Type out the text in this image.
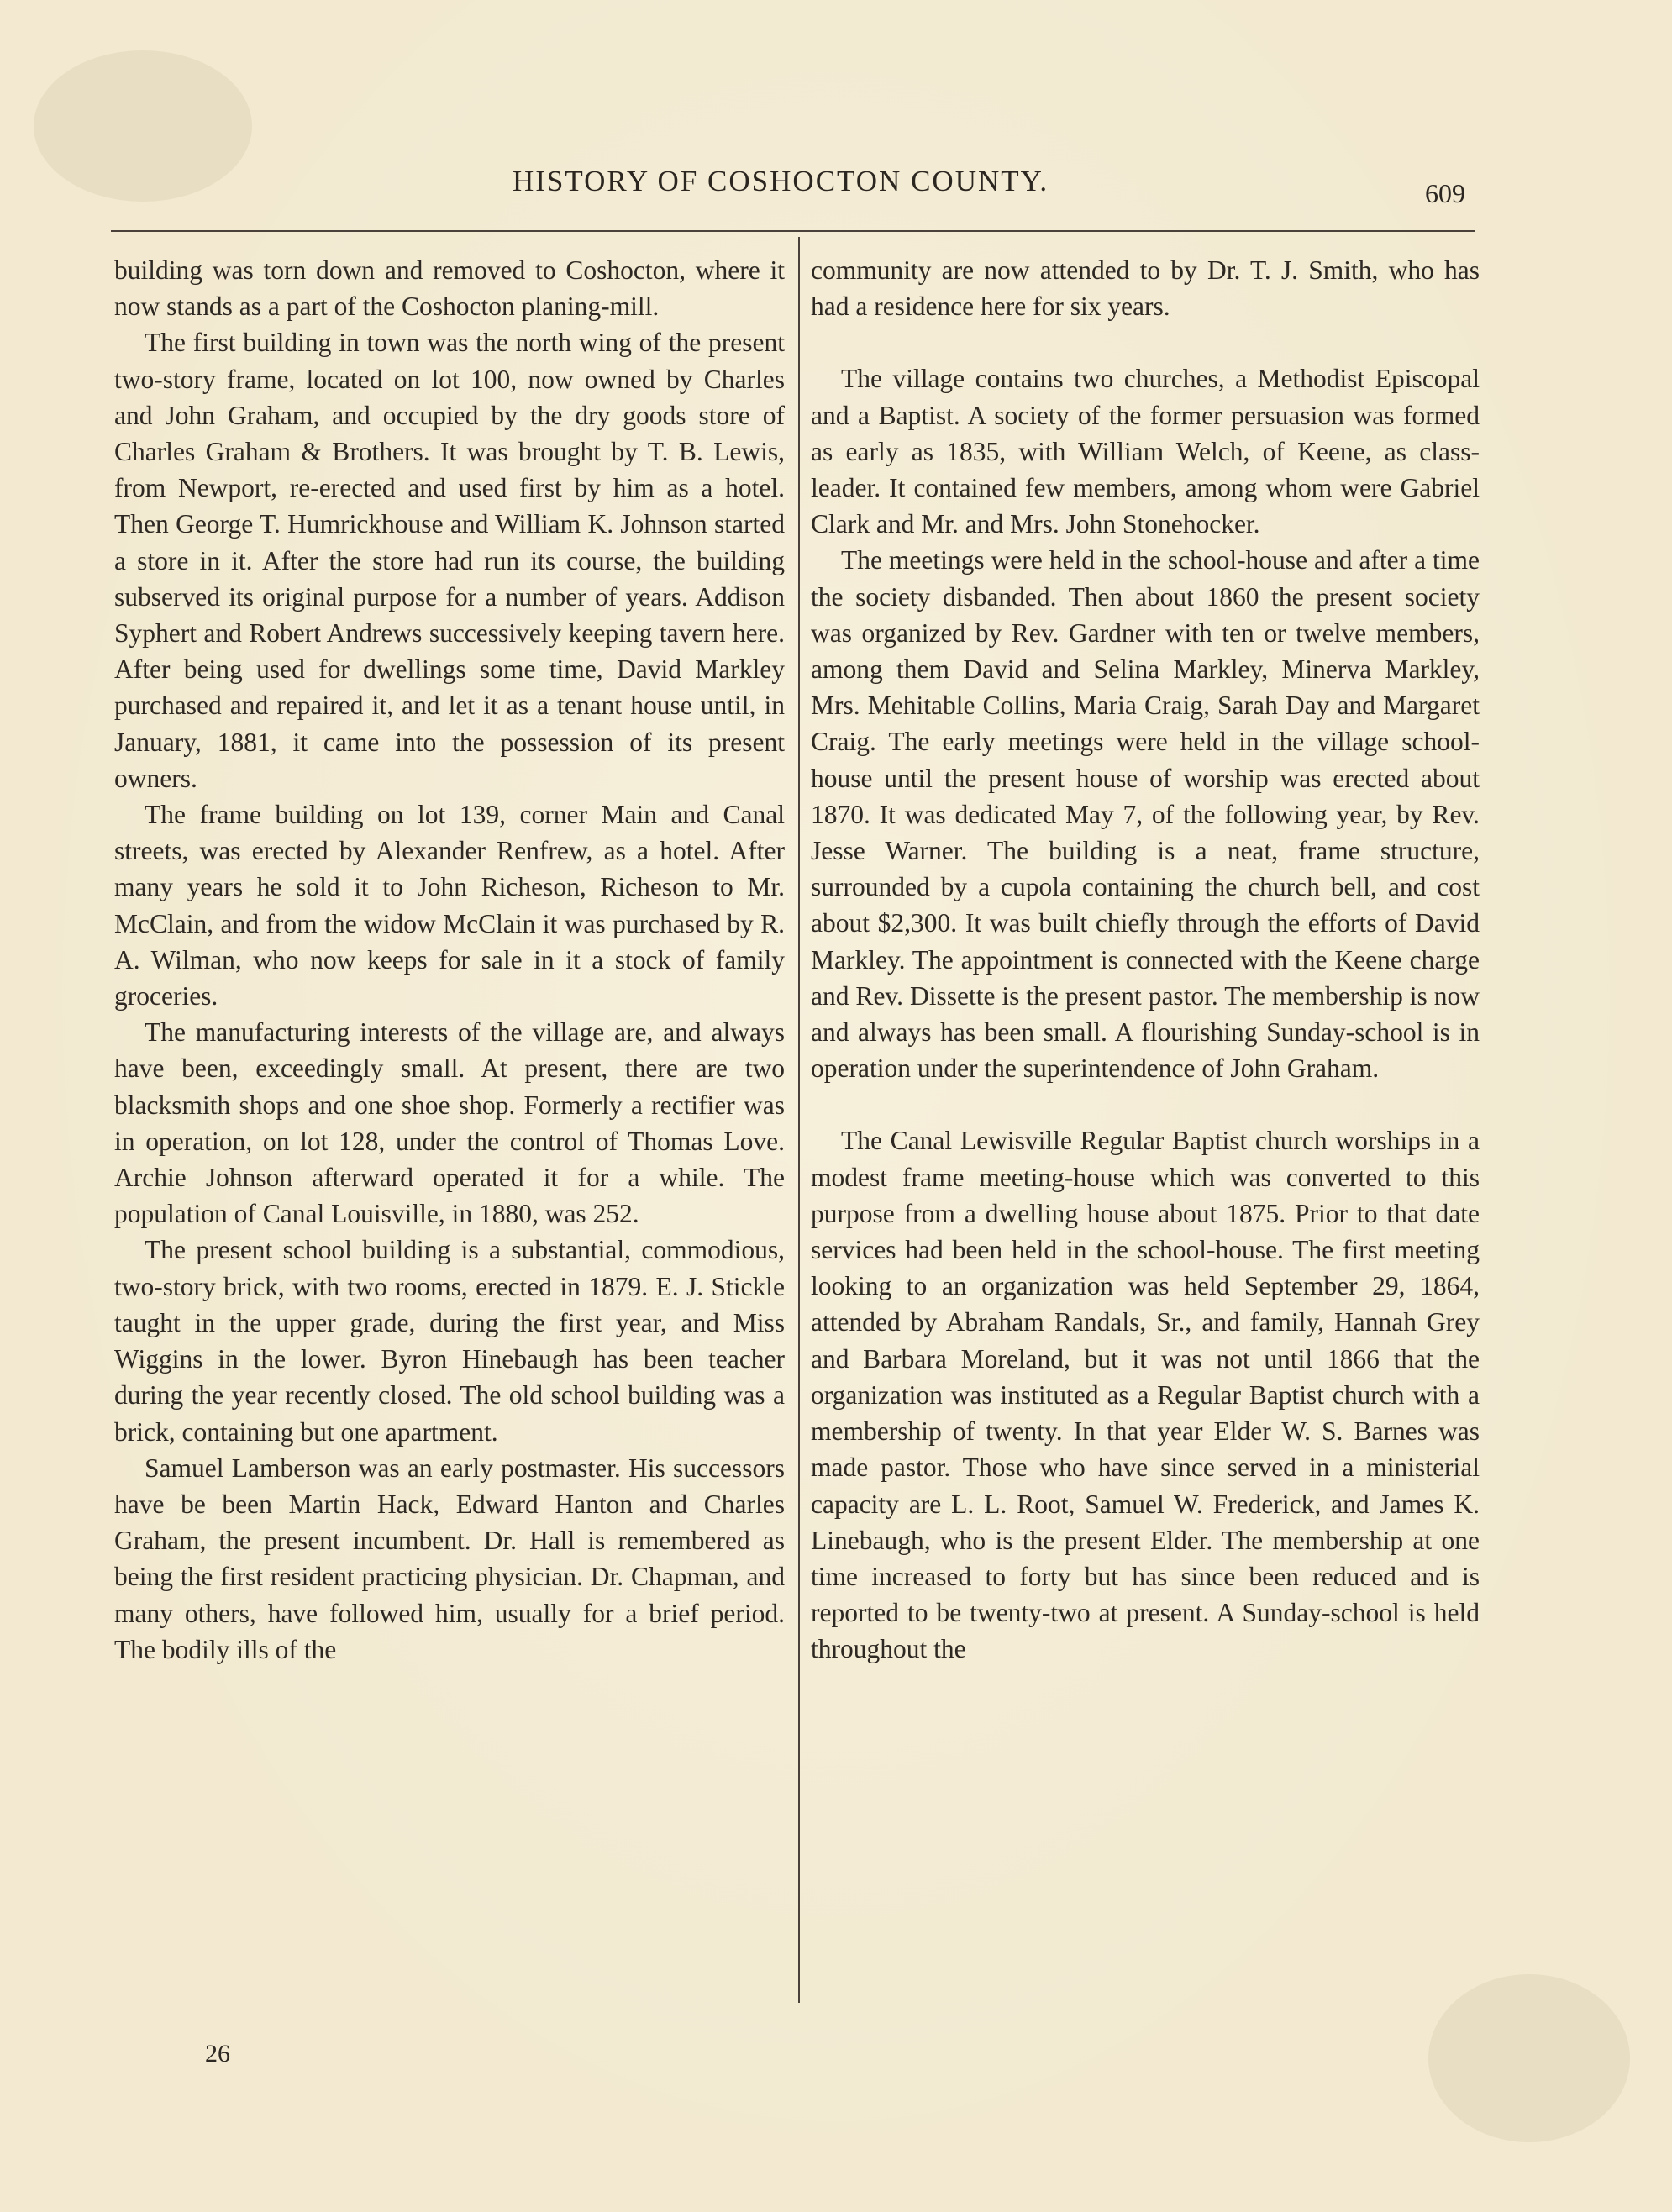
HISTORY OF COSHOCTON COUNTY.	609

building was torn down and removed to Coshocton, where it now stands as a part of the Coshocton planing-mill.

The first building in town was the north wing of the present two-story frame, located on lot 100, now owned by Charles and John Graham, and occupied by the dry goods store of Charles Graham & Brothers. It was brought by T. B. Lewis, from Newport, re-erected and used first by him as a hotel. Then George T. Humrickhouse and William K. Johnson started a store in it. After the store had run its course, the building subserved its original purpose for a number of years. Addison Syphert and Robert Andrews successively keeping tavern here. After being used for dwellings some time, David Markley purchased and repaired it, and let it as a tenant house until, in January, 1881, it came into the possession of its present owners.

The frame building on lot 139, corner Main and Canal streets, was erected by Alexander Renfrew, as a hotel. After many years he sold it to John Richeson, Richeson to Mr. McClain, and from the widow McClain it was purchased by R. A. Wilman, who now keeps for sale in it a stock of family groceries.

The manufacturing interests of the village are, and always have been, exceedingly small. At present, there are two blacksmith shops and one shoe shop. Formerly a rectifier was in operation, on lot 128, under the control of Thomas Love. Archie Johnson afterward operated it for a while. The population of Canal Louisville, in 1880, was 252.

The present school building is a substantial, commodious, two-story brick, with two rooms, erected in 1879. E. J. Stickle taught in the upper grade, during the first year, and Miss Wiggins in the lower. Byron Hinebaugh has been teacher during the year recently closed. The old school building was a brick, containing but one apartment.

Samuel Lamberson was an early postmaster. His successors have be been Martin Hack, Edward Hanton and Charles Graham, the present incumbent. Dr. Hall is remembered as being the first resident practicing physician. Dr. Chapman, and many others, have followed him, usually for a brief period. The bodily ills of the

community are now attended to by Dr. T. J. Smith, who has had a residence here for six years.

The village contains two churches, a Methodist Episcopal and a Baptist. A society of the former persuasion was formed as early as 1835, with William Welch, of Keene, as class-leader. It contained few members, among whom were Gabriel Clark and Mr. and Mrs. John Stonehocker.

The meetings were held in the school-house and after a time the society disbanded. Then about 1860 the present society was organized by Rev. Gardner with ten or twelve members, among them David and Selina Markley, Minerva Markley, Mrs. Mehitable Collins, Maria Craig, Sarah Day and Margaret Craig. The early meetings were held in the village school-house until the present house of worship was erected about 1870. It was dedicated May 7, of the following year, by Rev. Jesse Warner. The building is a neat, frame structure, surrounded by a cupola containing the church bell, and cost about $2,300. It was built chiefly through the efforts of David Markley. The appointment is connected with the Keene charge and Rev. Dissette is the present pastor. The membership is now and always has been small. A flourishing Sunday-school is in operation under the superintendence of John Graham.

The Canal Lewisville Regular Baptist church worships in a modest frame meeting-house which was converted to this purpose from a dwelling house about 1875. Prior to that date services had been held in the school-house. The first meeting looking to an organization was held September 29, 1864, attended by Abraham Randals, Sr., and family, Hannah Grey and Barbara Moreland, but it was not until 1866 that the organization was instituted as a Regular Baptist church with a membership of twenty. In that year Elder W. S. Barnes was made pastor. Those who have since served in a ministerial capacity are L. L. Root, Samuel W. Frederick, and James K. Linebaugh, who is the present Elder. The membership at one time increased to forty but has since been reduced and is reported to be twenty-two at present. A Sunday-school is held throughout the

26
